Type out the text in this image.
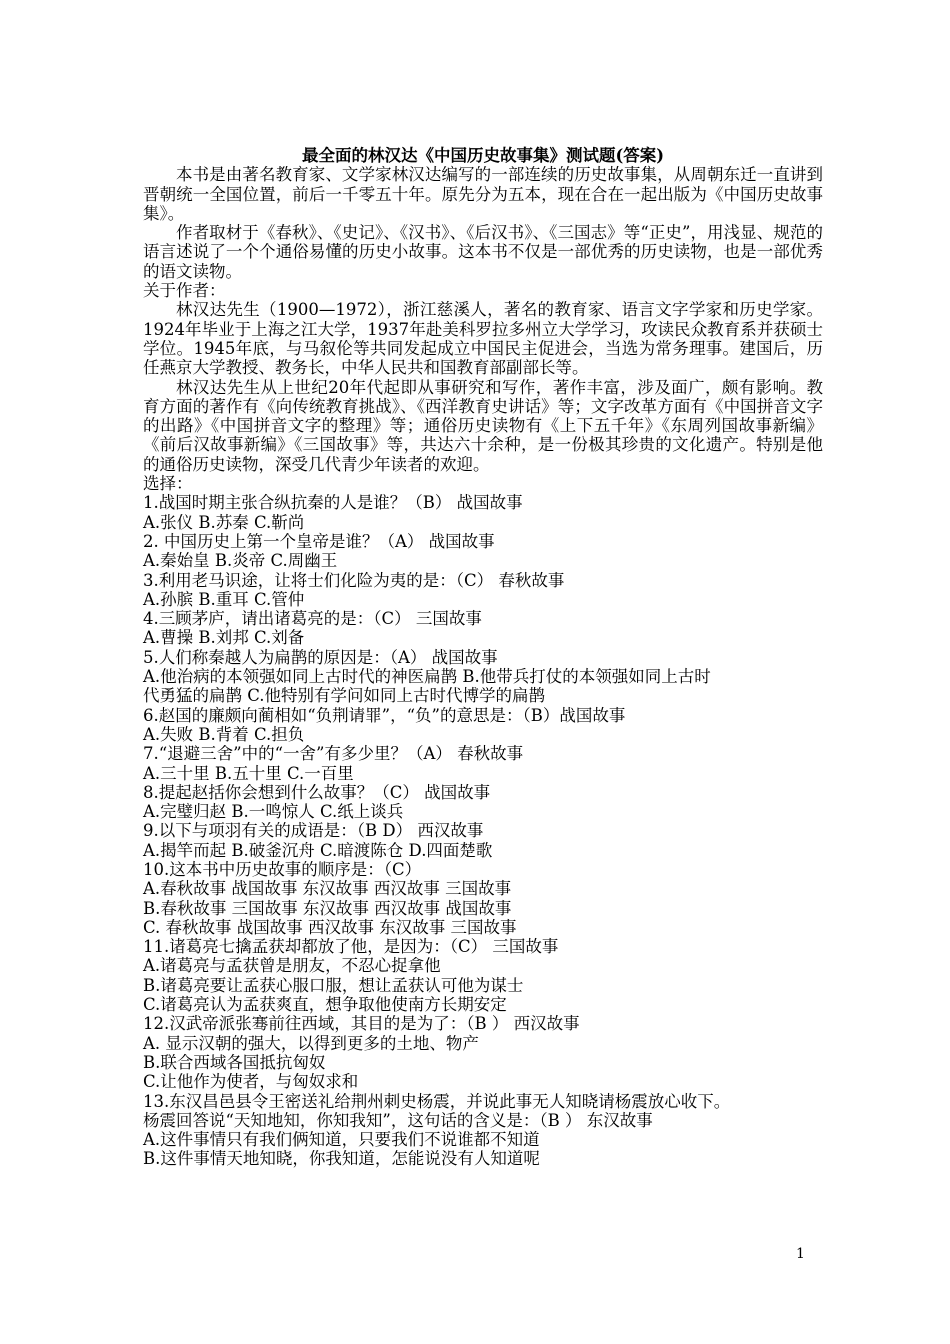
最全面的林汉达《中国历史故事集》测试题(答案)
本书是由著名教育家、文学家林汉达编写的一部连续的历史故事集，从周朝东迁一直讲到晋朝统一全国位置，前后一千零五十年。原先分为五本，现在合在一起出版为《中国历史故事集》。
作者取材于《春秋》、《史记》、《汉书》、《后汉书》、《三国志》等“正史”，用浅显、规范的语言述说了一个个通俗易懂的历史小故事。这本书不仅是一部优秀的历史读物，也是一部优秀的语文读物。
关于作者：
林汉达先生（1900—1972），浙江慈溪人，著名的教育家、语言文字学家和历史学家。1924年毕业于上海之江大学，1937年赴美科罗拉多州立大学学习，攻读民众教育系并获硕士学位。1945年底，与马叙伦等共同发起成立中国民主促进会，当选为常务理事。建国后，历任燕京大学教授、教务长，中华人民共和国教育部副部长等。
林汉达先生从上世纪20年代起即从事研究和写作，著作丰富，涉及面广，颇有影响。教育方面的著作有《向传统教育挑战》、《西洋教育史讲话》等；文字改革方面有《中国拼音文字的出路》《中国拼音文字的整理》等；通俗历史读物有《上下五千年》《东周列国故事新编》《前后汉故事新编》《三国故事》等，共达六十余种，是一份极其珍贵的文化遗产。特别是他的通俗历史读物，深受几代青少年读者的欢迎。
选择：
1.战国时期主张合纵抗秦的人是谁？（B） 战国故事
A.张仪 B.苏秦 C.靳尚
2. 中国历史上第一个皇帝是谁？（A） 战国故事
A.秦始皇 B.炎帝 C.周幽王
3.利用老马识途，让将士们化险为夷的是：（C） 春秋故事
A.孙膑 B.重耳 C.管仲
4.三顾茅庐，请出诸葛亮的是：（C） 三国故事
A.曹操 B.刘邦 C.刘备
5.人们称秦越人为扁鹊的原因是：（A） 战国故事
A.他治病的本领强如同上古时代的神医扁鹊 B.他带兵打仗的本领强如同上古时
代勇猛的扁鹊 C.他特别有学问如同上古时代博学的扁鹊
6.赵国的廉颇向蔺相如“负荆请罪”，“负”的意思是：（B）战国故事
A.失败 B.背着 C.担负
7.“退避三舍”中的“一舍”有多少里？（A） 春秋故事
A.三十里 B.五十里 C.一百里
8.提起赵括你会想到什么故事？（C） 战国故事
A.完璧归赵 B.一鸣惊人 C.纸上谈兵
9.以下与项羽有关的成语是：（B D） 西汉故事
A.揭竿而起 B.破釜沉舟 C.暗渡陈仓 D.四面楚歌
10.这本书中历史故事的顺序是：（C）
A.春秋故事 战国故事 东汉故事 西汉故事 三国故事
B.春秋故事 三国故事 东汉故事 西汉故事 战国故事
C. 春秋故事 战国故事 西汉故事 东汉故事 三国故事
11.诸葛亮七擒孟获却都放了他，是因为：（C） 三国故事
A.诸葛亮与孟获曾是朋友，不忍心捉拿他
B.诸葛亮要让孟获心服口服，想让孟获认可他为谋士
C.诸葛亮认为孟获爽直，想争取他使南方长期安定
12.汉武帝派张骞前往西域，其目的是为了：（B ） 西汉故事
A. 显示汉朝的强大，以得到更多的土地、物产
B.联合西域各国抵抗匈奴
C.让他作为使者，与匈奴求和
13.东汉昌邑县令王密送礼给荆州刺史杨震，并说此事无人知晓请杨震放心收下。
杨震回答说“天知地知，你知我知”，这句话的含义是：（B ） 东汉故事
A.这件事情只有我们俩知道，只要我们不说谁都不知道
B.这件事情天地知晓，你我知道，怎能说没有人知道呢
1
